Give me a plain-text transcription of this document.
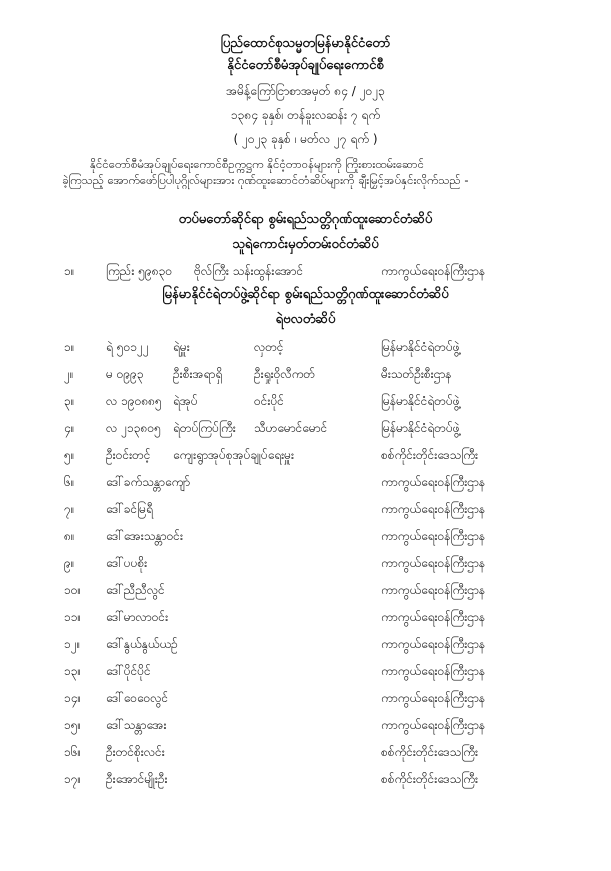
ပြည်ထောင်စုသမ္မတမြန်မာနိုင်ငံတော်
နိုင်ငံတော်စီမံအုပ်ချုပ်ရေးကောင်စီ
အမိန့်ကြော်ငြာစာအမှတ် ၈၄ / ၂၀၂၃
၁၃၈၄ ခုနှစ်၊ တန်ခူးလဆန်း ၇ ရက်
( ၂၀၂၃ ခုနှစ် ၊ မတ်လ ၂၇ ရက် )
နိုင်ငံတော်စီမံအုပ်ချုပ်ရေးကောင်စီဥက္ကဋ္ဌက နိုင်ငံ့တာဝန်များကို ကြိုးစားထမ်းဆောင်
ခဲ့ကြသည့် အောက်ဖော်ပြပါပုဂ္ဂိုလ်များအား ဂုဏ်ထူးဆောင်တံဆိပ်များကို ချီးမြှင့်အပ်နှင်းလိုက်သည် -
တပ်မတော်ဆိုင်ရာ စွမ်းရည်သတ္တိဂုဏ်ထူးဆောင်တံဆိပ်
သူရဲကောင်းမှတ်တမ်းဝင်တံဆိပ်
၁။	ကြည်း ၅၉၈၃၀ ဗိုလ်ကြီး သန်းထွန်းအောင်	ကာကွယ်ရေးဝန်ကြီးဌာန
မြန်မာနိုင်ငံရဲတပ်ဖွဲ့ဆိုင်ရာ စွမ်းရည်သတ္တိဂုဏ်ထူးဆောင်တံဆိပ်
ရဲဗလတံဆိပ်
၁။	ရဲ ၅၀၁၂၂ ရဲမှူး	လှတင့်	မြန်မာနိုင်ငံရဲတပ်ဖွဲ့
၂။	မ ၀၉၉၃ ဦးစီးအရာရှိ	ဦးရှုးဝိုလီကတ်	မီးသတ်ဦးစီးဌာန
၃။	လ ၁၉၀၈၈၅ ရဲအုပ်	ဝင်းပိုင်	မြန်မာနိုင်ငံရဲတပ်ဖွဲ့
၄။	လ ၂၁၃၈၀၅ ရဲတပ်ကြပ်ကြီး သီဟမောင်မောင်	မြန်မာနိုင်ငံရဲတပ်ဖွဲ့
၅။	ဦးဝင်းတင့် ကျေးရွာအုပ်စုအုပ်ချုပ်ရေးမှူး	စစ်ကိုင်းတိုင်းဒေသကြီး
၆။	ဒေါ်ခက်သန္တာကျော်	ကာကွယ်ရေးဝန်ကြီးဌာန
၇။	ဒေါ်ခင်မြရီ	ကာကွယ်ရေးဝန်ကြီးဌာန
၈။	ဒေါ်အေးသန္တာဝင်း	ကာကွယ်ရေးဝန်ကြီးဌာန
၉။	ဒေါ်ပပစိုး	ကာကွယ်ရေးဝန်ကြီးဌာန
၁၀။ ဒေါ်ညီညီလွင်	ကာကွယ်ရေးဝန်ကြီးဌာန
၁၁။ ဒေါ်မာလာဝင်း	ကာကွယ်ရေးဝန်ကြီးဌာန
၁၂။ ဒေါ်နွယ်နွယ်ယဉ်	ကာကွယ်ရေးဝန်ကြီးဌာန
၁၃။ ဒေါ်ပိုင်ပိုင်	ကာကွယ်ရေးဝန်ကြီးဌာန
၁၄။ ဒေါ်ဝေဝေလွင်	ကာကွယ်ရေးဝန်ကြီးဌာန
၁၅။ ဒေါ်သန္တာအေး	ကာကွယ်ရေးဝန်ကြီးဌာန
၁၆။ ဦးတင်စိုးလင်း	စစ်ကိုင်းတိုင်းဒေသကြီး
၁၇။ ဦးအောင်မျိုးဦး	စစ်ကိုင်းတိုင်းဒေသကြီး
